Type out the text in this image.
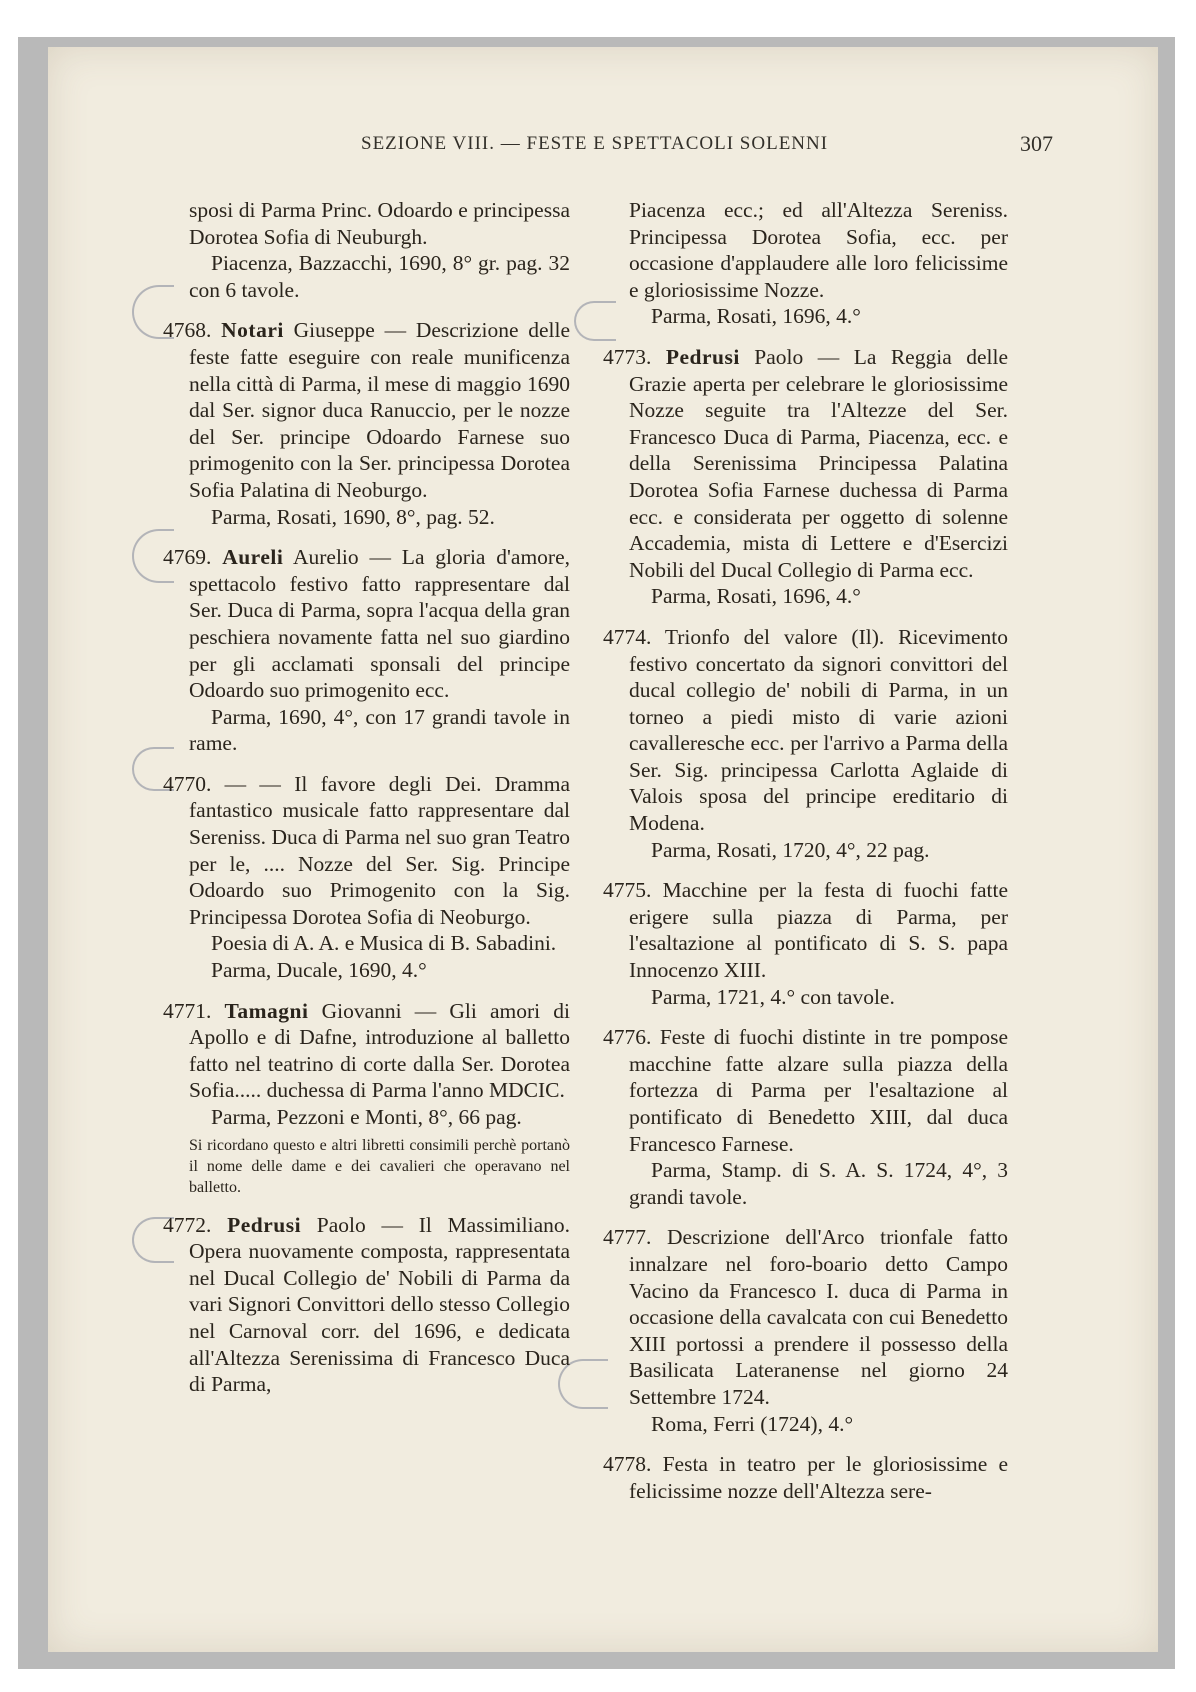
SEZIONE VIII. — FESTE E SPETTACOLI SOLENNI	307

sposi di Parma Princ. Odoardo e principessa Dorotea Sofia di Neuburgh.

Piacenza, Bazzacchi, 1690, 8° gr. pag. 32 con 6 tavole.

4768. Notari Giuseppe — Descrizione delle feste fatte eseguire con reale munificenza nella città di Parma, il mese di maggio 1690 dal Ser. signor duca Ranuccio, per le nozze del Ser. principe Odoardo Farnese suo primogenito con la Ser. principessa Dorotea Sofia Palatina di Neoburgo.

Parma, Rosati, 1690, 8°, pag. 52.

4769. Aureli Aurelio — La gloria d'amore, spettacolo festivo fatto rappresentare dal Ser. Duca di Parma, sopra l'acqua della gran peschiera novamente fatta nel suo giardino per gli acclamati sponsali del principe Odoardo suo primogenito ecc.

Parma, 1690, 4°, con 17 grandi tavole in rame.

4770. — — Il favore degli Dei. Dramma fantastico musicale fatto rappresentare dal Sereniss. Duca di Parma nel suo gran Teatro per le, .... Nozze del Ser. Sig. Principe Odoardo suo Primogenito con la Sig. Principessa Dorotea Sofia di Neoburgo.

Poesia di A. A. e Musica di B. Sabadini.

Parma, Ducale, 1690, 4.°

4771. Tamagni Giovanni — Gli amori di Apollo e di Dafne, introduzione al balletto fatto nel teatrino di corte dalla Ser. Dorotea Sofia..... duchessa di Parma l'anno MDCIC.

Parma, Pezzoni e Monti, 8°, 66 pag.

Si ricordano questo e altri libretti consimili perchè portanò il nome delle dame e dei cavalieri che operavano nel balletto.

4772. Pedrusi Paolo — Il Massimiliano. Opera nuovamente composta, rappresentata nel Ducal Collegio de' Nobili di Parma da vari Signori Convittori dello stesso Collegio nel Carnoval corr. del 1696, e dedicata all'Altezza Serenissima di Francesco Duca di Parma,

Piacenza ecc.; ed all'Altezza Sereniss. Principessa Dorotea Sofia, ecc. per occasione d'applaudere alle loro felicissime e gloriosissime Nozze.

Parma, Rosati, 1696, 4.°

4773. Pedrusi Paolo — La Reggia delle Grazie aperta per celebrare le gloriosissime Nozze seguite tra l'Altezze del Ser. Francesco Duca di Parma, Piacenza, ecc. e della Serenissima Principessa Palatina Dorotea Sofia Farnese duchessa di Parma ecc. e considerata per oggetto di solenne Accademia, mista di Lettere e d'Esercizi Nobili del Ducal Collegio di Parma ecc.

Parma, Rosati, 1696, 4.°

4774. Trionfo del valore (Il). Ricevimento festivo concertato da signori convittori del ducal collegio de' nobili di Parma, in un torneo a piedi misto di varie azioni cavalleresche ecc. per l'arrivo a Parma della Ser. Sig. principessa Carlotta Aglaide di Valois sposa del principe ereditario di Modena.

Parma, Rosati, 1720, 4°, 22 pag.

4775. Macchine per la festa di fuochi fatte erigere sulla piazza di Parma, per l'esaltazione al pontificato di S. S. papa Innocenzo XIII.

Parma, 1721, 4.° con tavole.

4776. Feste di fuochi distinte in tre pompose macchine fatte alzare sulla piazza della fortezza di Parma per l'esaltazione al pontificato di Benedetto XIII, dal duca Francesco Farnese.

Parma, Stamp. di S. A. S. 1724, 4°, 3 grandi tavole.

4777. Descrizione dell'Arco trionfale fatto innalzare nel foro-boario detto Campo Vacino da Francesco I. duca di Parma in occasione della cavalcata con cui Benedetto XIII portossi a prendere il possesso della Basilicata Lateranense nel giorno 24 Settembre 1724.

Roma, Ferri (1724), 4.°

4778. Festa in teatro per le gloriosissime e felicissime nozze dell'Altezza sere-
